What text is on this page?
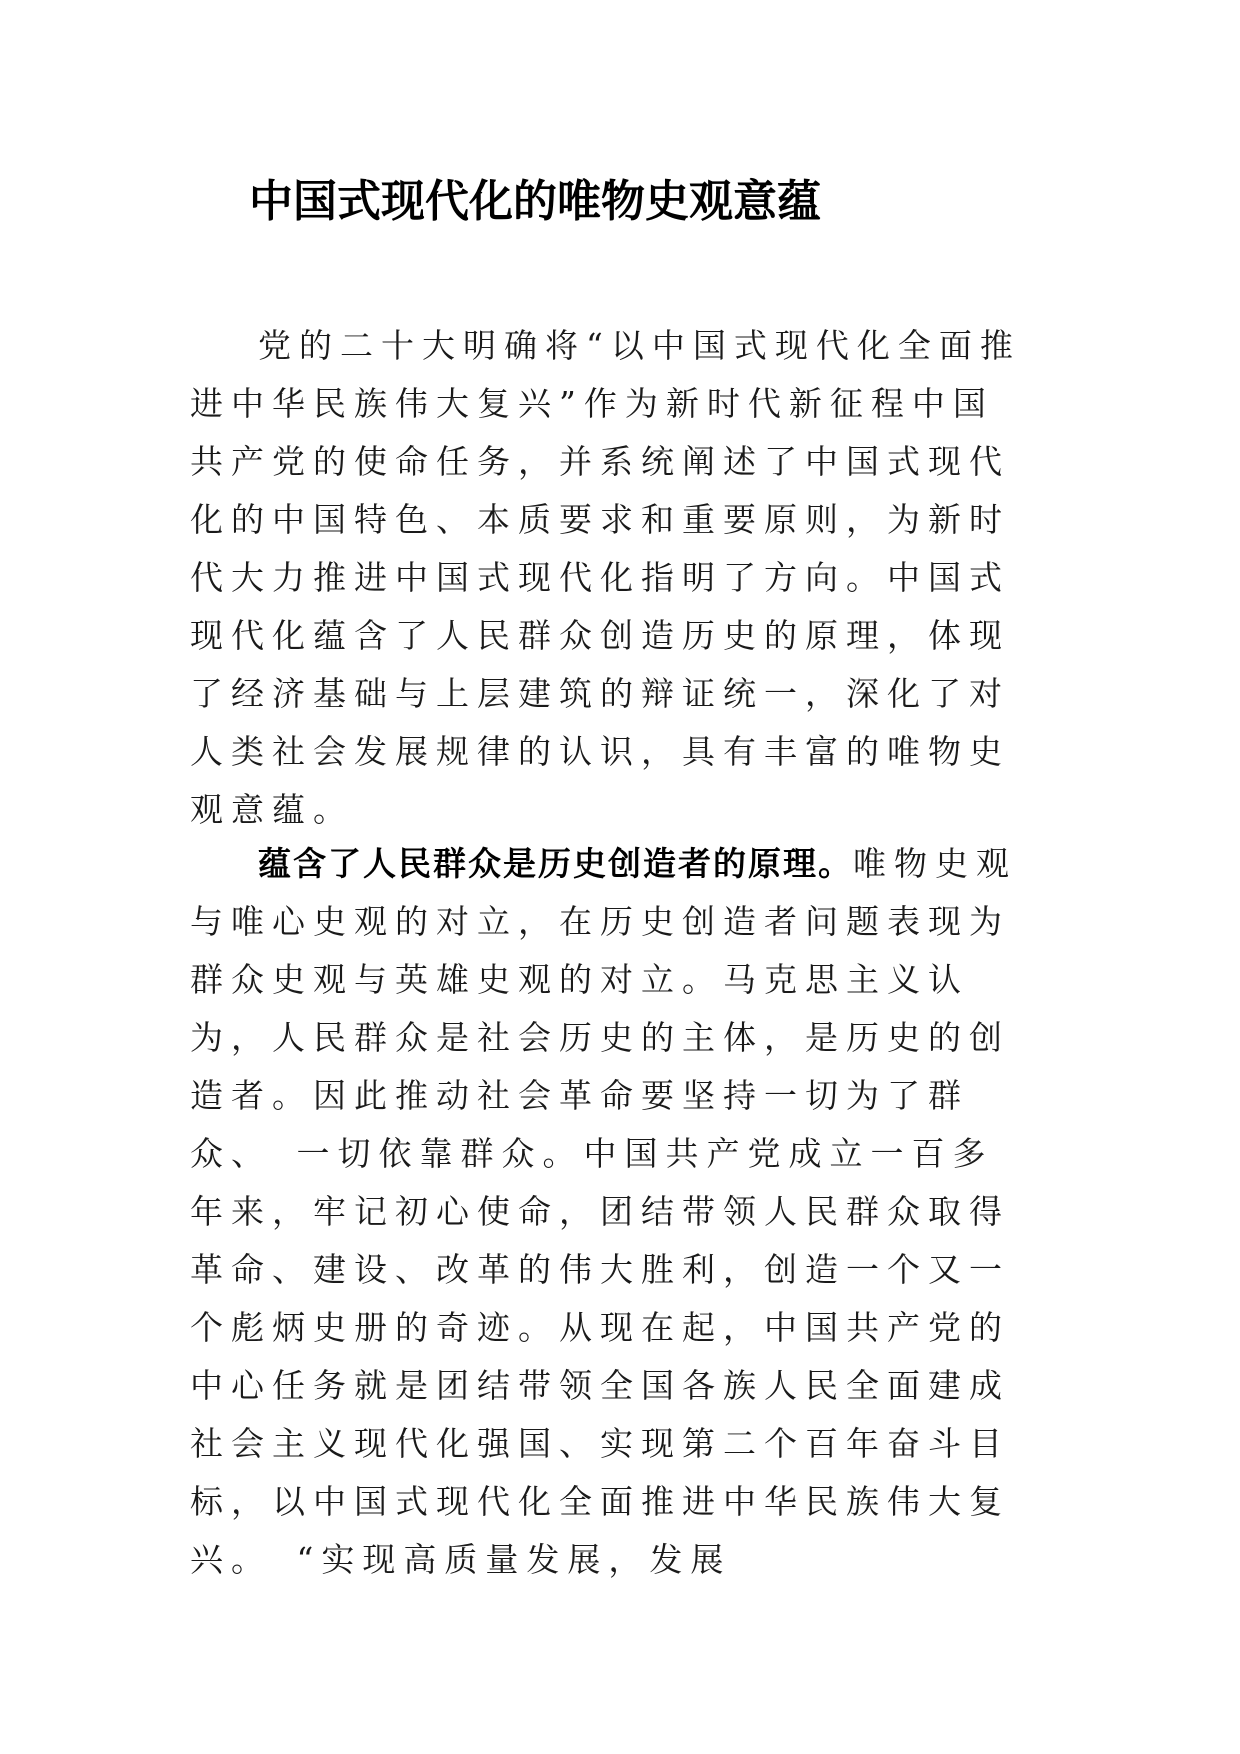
中国式现代化的唯物史观意蕴

党的二十大明确将“以中国式现代化全面推进中华民族伟大复兴”作为新时代新征程中国共产党的使命任务，并系统阐述了中国式现代化的中国特色、本质要求和重要原则，为新时代大力推进中国式现代化指明了方向。中国式现代化蕴含了人民群众创造历史的原理，体现了经济基础与上层建筑的辩证统一，深化了对人类社会发展规律的认识，具有丰富的唯物史观意蕴。

蕴含了人民群众是历史创造者的原理。唯物史观与唯心史观的对立，在历史创造者问题表现为群众史观与英雄史观的对立。马克思主义认为，人民群众是社会历史的主体，是历史的创造者。因此推动社会革命要坚持一切为了群众、　一切依靠群众。中国共产党成立一百多年来，牢记初心使命，团结带领人民群众取得革命、建设、改革的伟大胜利，创造一个又一个彪炳史册的奇迹。从现在起，中国共产党的中心任务就是团结带领全国各族人民全面建成社会主义现代化强国、实现第二个百年奋斗目标，以中国式现代化全面推进中华民族伟大复兴。　“实现高质量发展，发展
